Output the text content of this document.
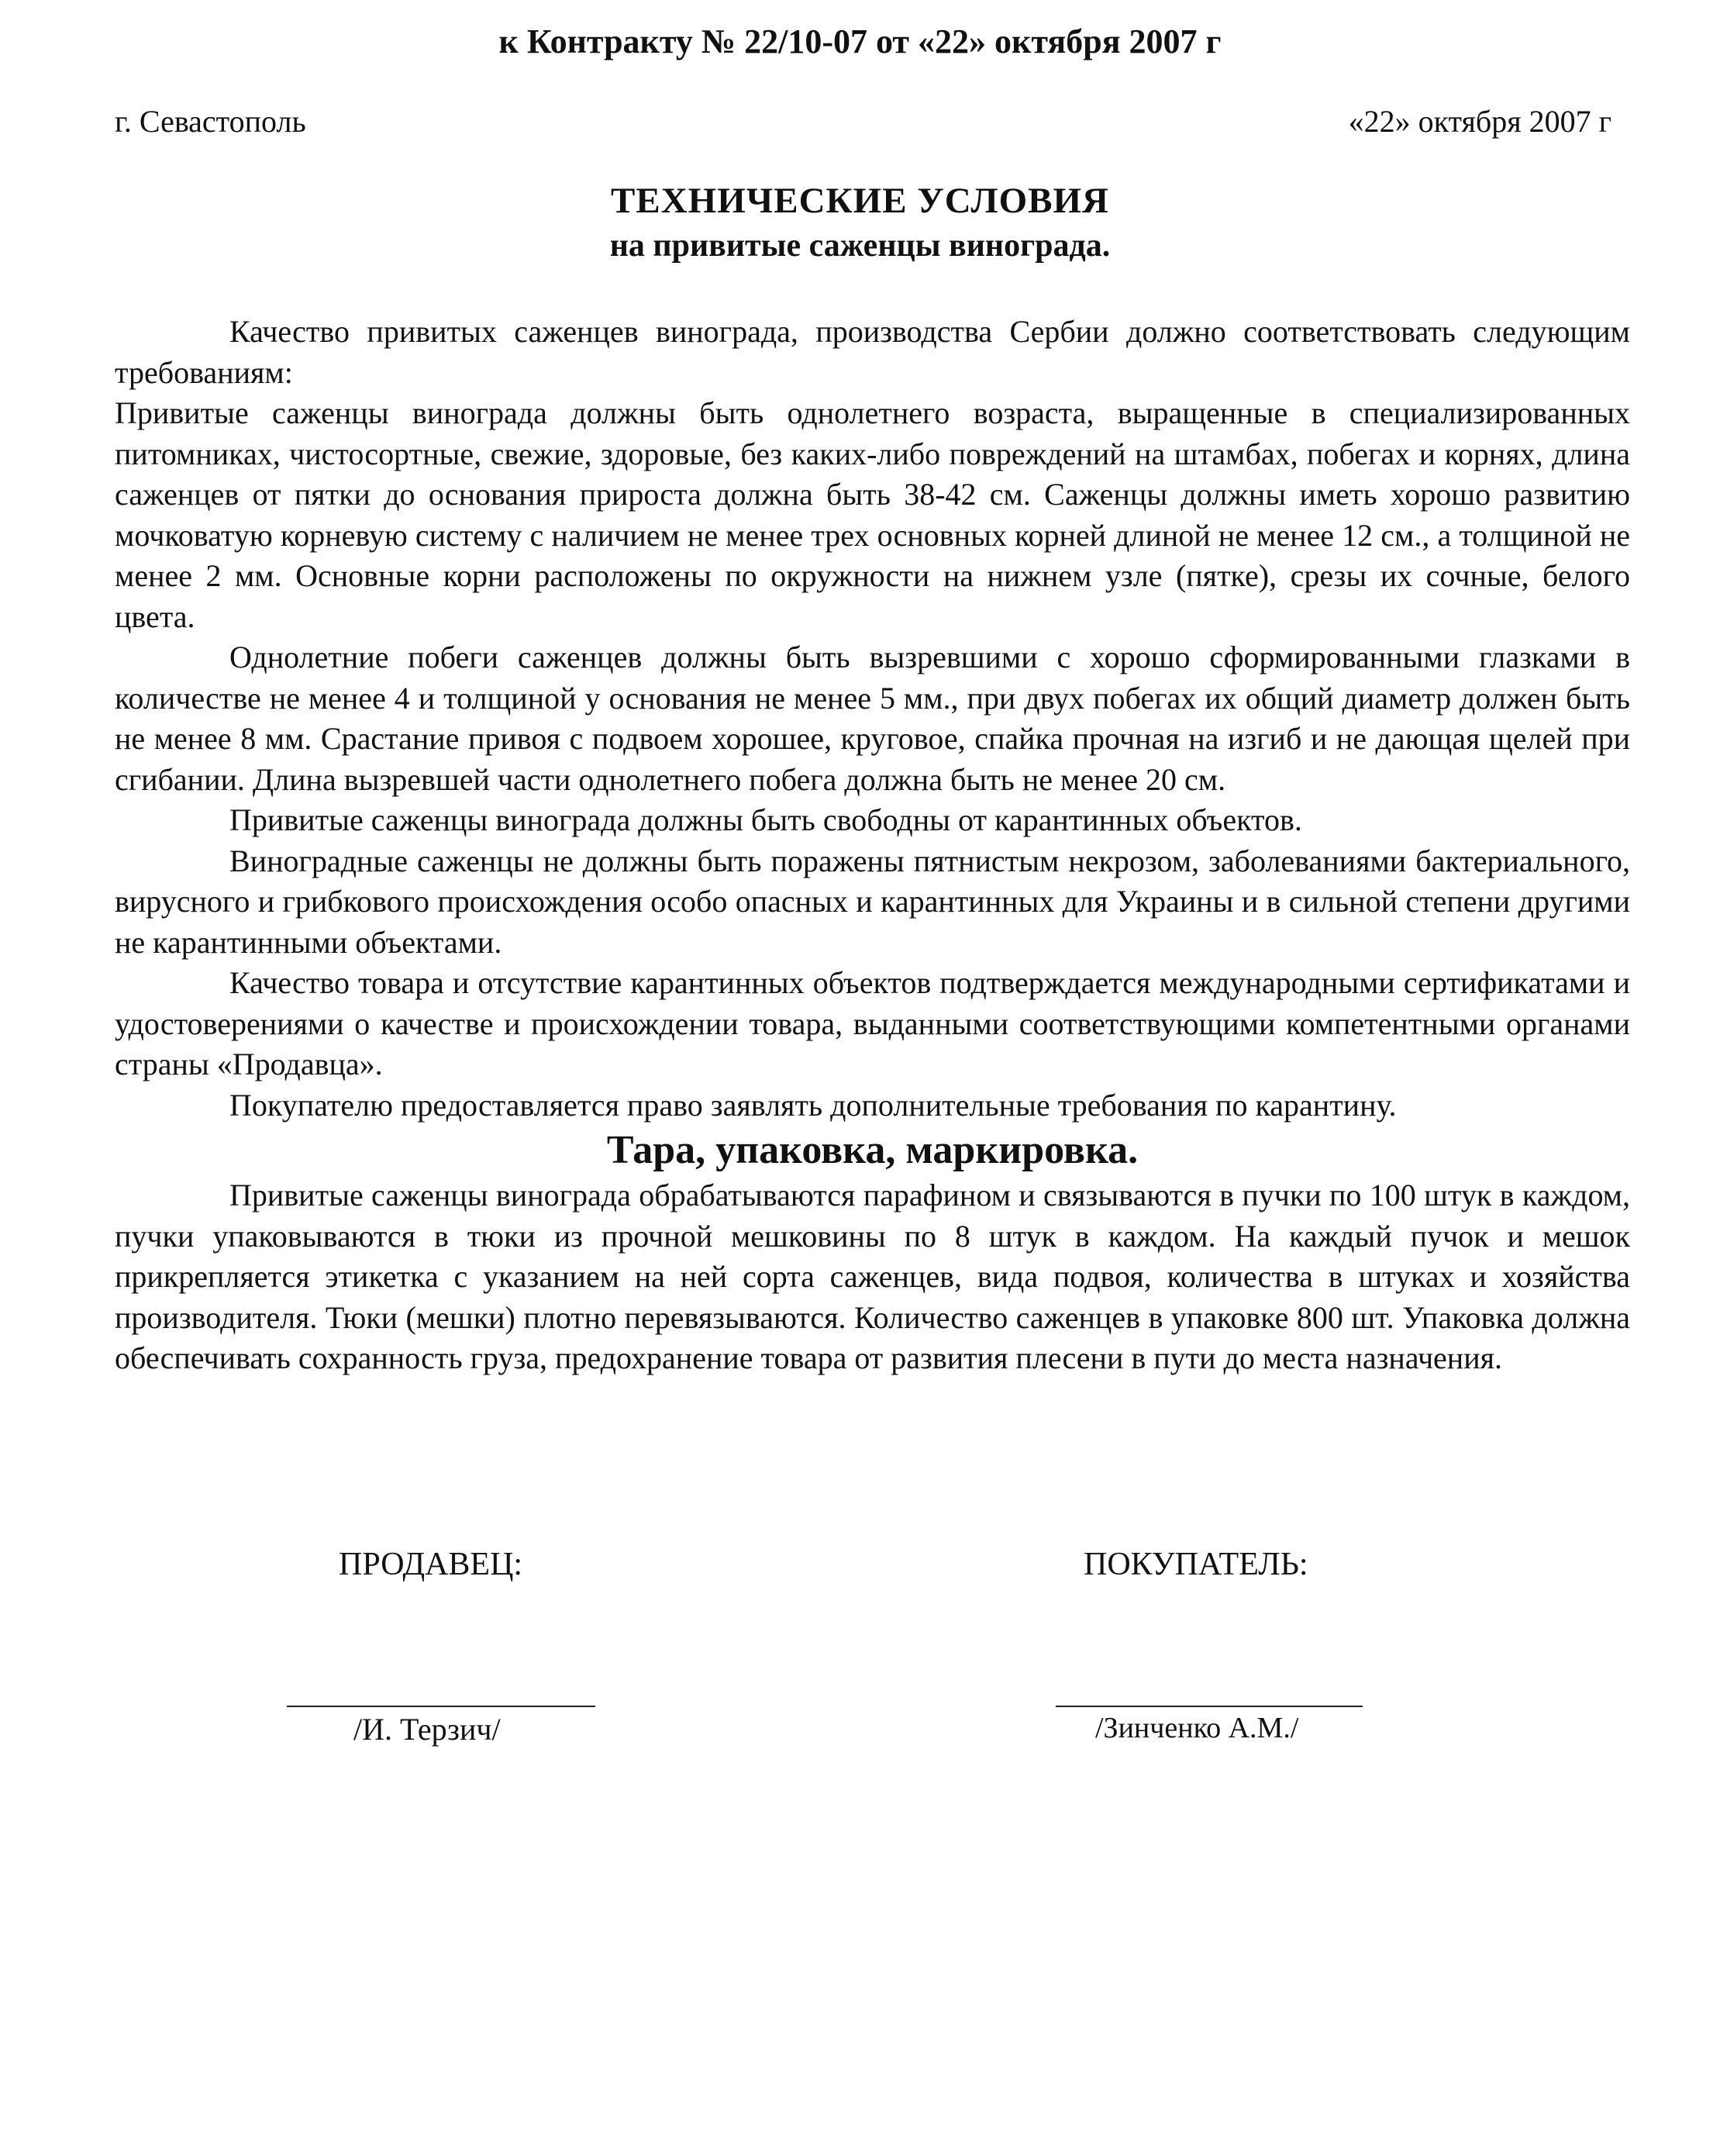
к Контракту № 22/10-07 от «22» октября 2007 г
г. Севастополь	«22» октября 2007 г
ТЕХНИЧЕСКИЕ УСЛОВИЯ
на привитые саженцы винограда.

Качество привитых саженцев винограда, производства Сербии должно соответствовать следующим требованиям:

Привитые саженцы винограда должны быть однолетнего возраста, выращенные в специализированных питомниках, чистосортные, свежие, здоровые, без каких-либо повреждений на штамбах, побегах и корнях, длина саженцев от пятки до основания прироста должна быть 38-42 см. Саженцы должны иметь хорошо развитию мочковатую корневую систему с наличием не менее трех основных корней длиной не менее 12 см., а толщиной не менее 2 мм. Основные корни расположены по окружности на нижнем узле (пятке), срезы их сочные, белого цвета.

Однолетние побеги саженцев должны быть вызревшими с хорошо сформированными глазками в количестве не менее 4 и толщиной у основания не менее 5 мм., при двух побегах их общий диаметр должен быть не менее 8 мм. Срастание привоя с подвоем хорошее, круговое, спайка прочная на изгиб и не дающая щелей при сгибании. Длина вызревшей части однолетнего побега должна быть не менее 20 см.

Привитые саженцы винограда должны быть свободны от карантинных объектов.

Виноградные саженцы не должны быть поражены пятнистым некрозом, заболеваниями бактериального, вирусного и грибкового происхождения особо опасных и карантинных для Украины и в сильной степени другими не карантинными объектами.

Качество товара и отсутствие карантинных объектов подтверждается международными сертификатами и удостоверениями о качестве и происхождении товара, выданными соответствующими компетентными органами страны «Продавца».

Покупателю предоставляется право заявлять дополнительные требования по карантину.

Тара, упаковка, маркировка.

Привитые саженцы винограда обрабатываются парафином и связываются в пучки по 100 штук в каждом, пучки упаковываются в тюки из прочной мешковины по 8 штук в каждом. На каждый пучок и мешок прикрепляется этикетка с указанием на ней сорта саженцев, вида подвоя, количества в штуках и хозяйства производителя. Тюки (мешки) плотно перевязываются. Количество саженцев в упаковке 800 шт. Упаковка должна обеспечивать сохранность груза, предохранение товара от развития плесени в пути до места назначения.

ПРОДАВЕЦ:	ПОКУПАТЕЛЬ:
/И. Терзич/	/Зинченко А.М./
